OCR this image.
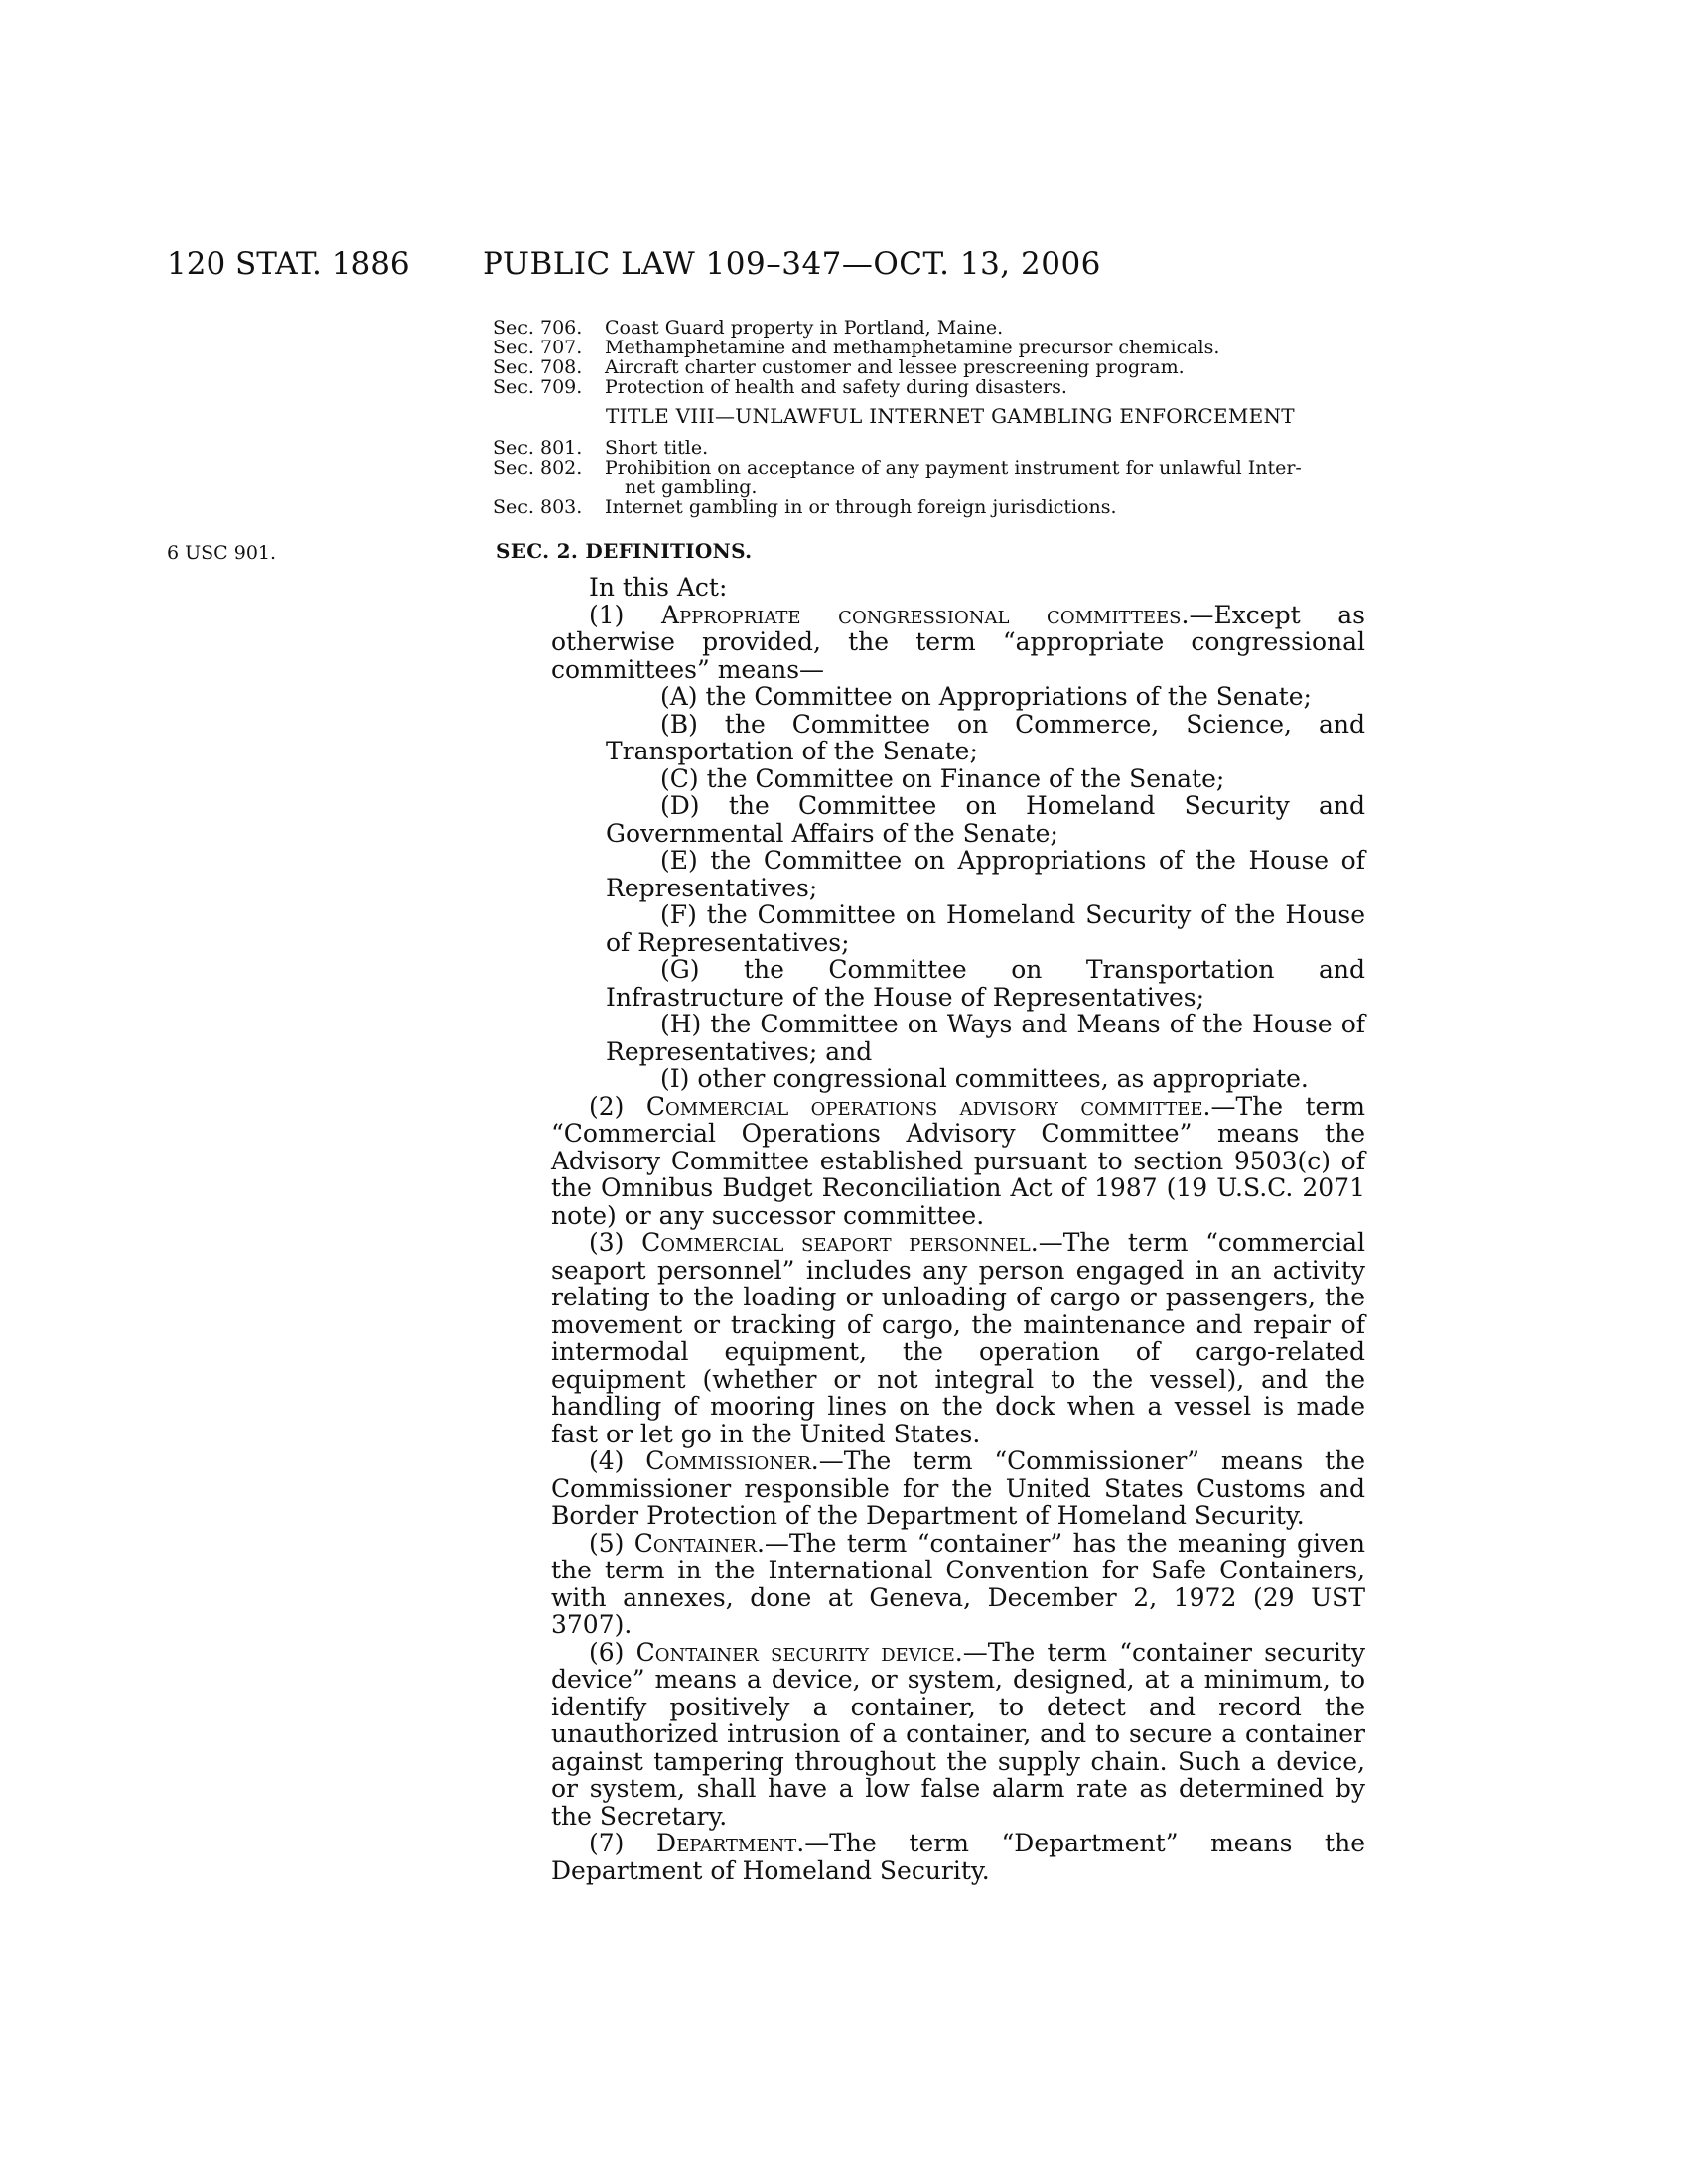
120 STAT. 1886 PUBLIC LAW 109–347—OCT. 13, 2006
Sec. 706.	Coast Guard property in Portland, Maine.
Sec. 707.	Methamphetamine and methamphetamine precursor chemicals.
Sec. 708.	Aircraft charter customer and lessee prescreening program.
Sec. 709.	Protection of health and safety during disasters.
TITLE VIII—UNLAWFUL INTERNET GAMBLING ENFORCEMENT
Sec. 801.	Short title.
Sec. 802.	Prohibition on acceptance of any payment instrument for unlawful Inter-
net gambling.
Sec. 803.	Internet gambling in or through foreign jurisdictions.
6 USC 901.	SEC. 2. DEFINITIONS.

In this Act:

(1) Appropriate congressional committees.—Except as otherwise provided, the term “appropriate congressional committees” means—

(A) the Committee on Appropriations of the Senate;

(B) the Committee on Commerce, Science, and Transportation of the Senate;

(C) the Committee on Finance of the Senate;

(D) the Committee on Homeland Security and Governmental Affairs of the Senate;

(E) the Committee on Appropriations of the House of Representatives;

(F) the Committee on Homeland Security of the House of Representatives;

(G) the Committee on Transportation and Infrastructure of the House of Representatives;

(H) the Committee on Ways and Means of the House of Representatives; and

(I) other congressional committees, as appropriate.

(2) Commercial operations advisory committee.—The term “Commercial Operations Advisory Committee” means the Advisory Committee established pursuant to section 9503(c) of the Omnibus Budget Reconciliation Act of 1987 (19 U.S.C. 2071 note) or any successor committee.

(3) Commercial seaport personnel.—The term “commercial seaport personnel” includes any person engaged in an activity relating to the loading or unloading of cargo or passengers, the movement or tracking of cargo, the maintenance and repair of intermodal equipment, the operation of cargo-related equipment (whether or not integral to the vessel), and the handling of mooring lines on the dock when a vessel is made fast or let go in the United States.

(4) Commissioner.—The term “Commissioner” means the Commissioner responsible for the United States Customs and Border Protection of the Department of Homeland Security.

(5) Container.—The term “container” has the meaning given the term in the International Convention for Safe Containers, with annexes, done at Geneva, December 2, 1972 (29 UST 3707).

(6) Container security device.—The term “container security device” means a device, or system, designed, at a minimum, to identify positively a container, to detect and record the unauthorized intrusion of a container, and to secure a container against tampering throughout the supply chain. Such a device, or system, shall have a low false alarm rate as determined by the Secretary.

(7) Department.—The term “Department” means the Department of Homeland Security.
